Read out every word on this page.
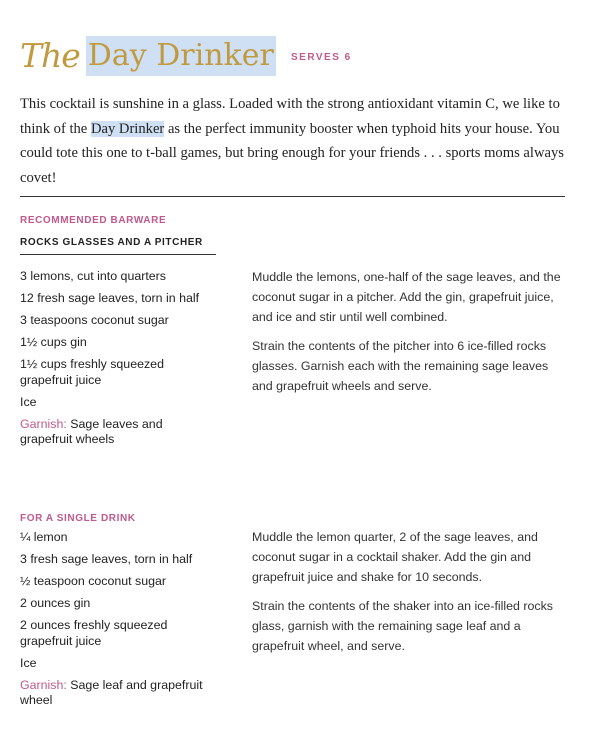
The Day Drinker SERVES 6
This cocktail is sunshine in a glass. Loaded with the strong antioxidant vitamin C, we like to think of the Day Drinker as the perfect immunity booster when typhoid hits your house. You could tote this one to t-ball games, but bring enough for your friends . . . sports moms always covet!
RECOMMENDED BARWARE
ROCKS GLASSES AND A PITCHER
3 lemons, cut into quarters
12 fresh sage leaves, torn in half
3 teaspoons coconut sugar
1½ cups gin
1½ cups freshly squeezed grapefruit juice
Ice
Garnish: Sage leaves and grapefruit wheels

Muddle the lemons, one-half of the sage leaves, and the coconut sugar in a pitcher. Add the gin, grapefruit juice, and ice and stir until well combined.

Strain the contents of the pitcher into 6 ice-filled rocks glasses. Garnish each with the remaining sage leaves and grapefruit wheels and serve.

FOR A SINGLE DRINK
¼ lemon
3 fresh sage leaves, torn in half
½ teaspoon coconut sugar
2 ounces gin
2 ounces freshly squeezed grapefruit juice
Ice
Garnish: Sage leaf and grapefruit wheel

Muddle the lemon quarter, 2 of the sage leaves, and coconut sugar in a cocktail shaker. Add the gin and grapefruit juice and shake for 10 seconds.

Strain the contents of the shaker into an ice-filled rocks glass, garnish with the remaining sage leaf and a grapefruit wheel, and serve.
